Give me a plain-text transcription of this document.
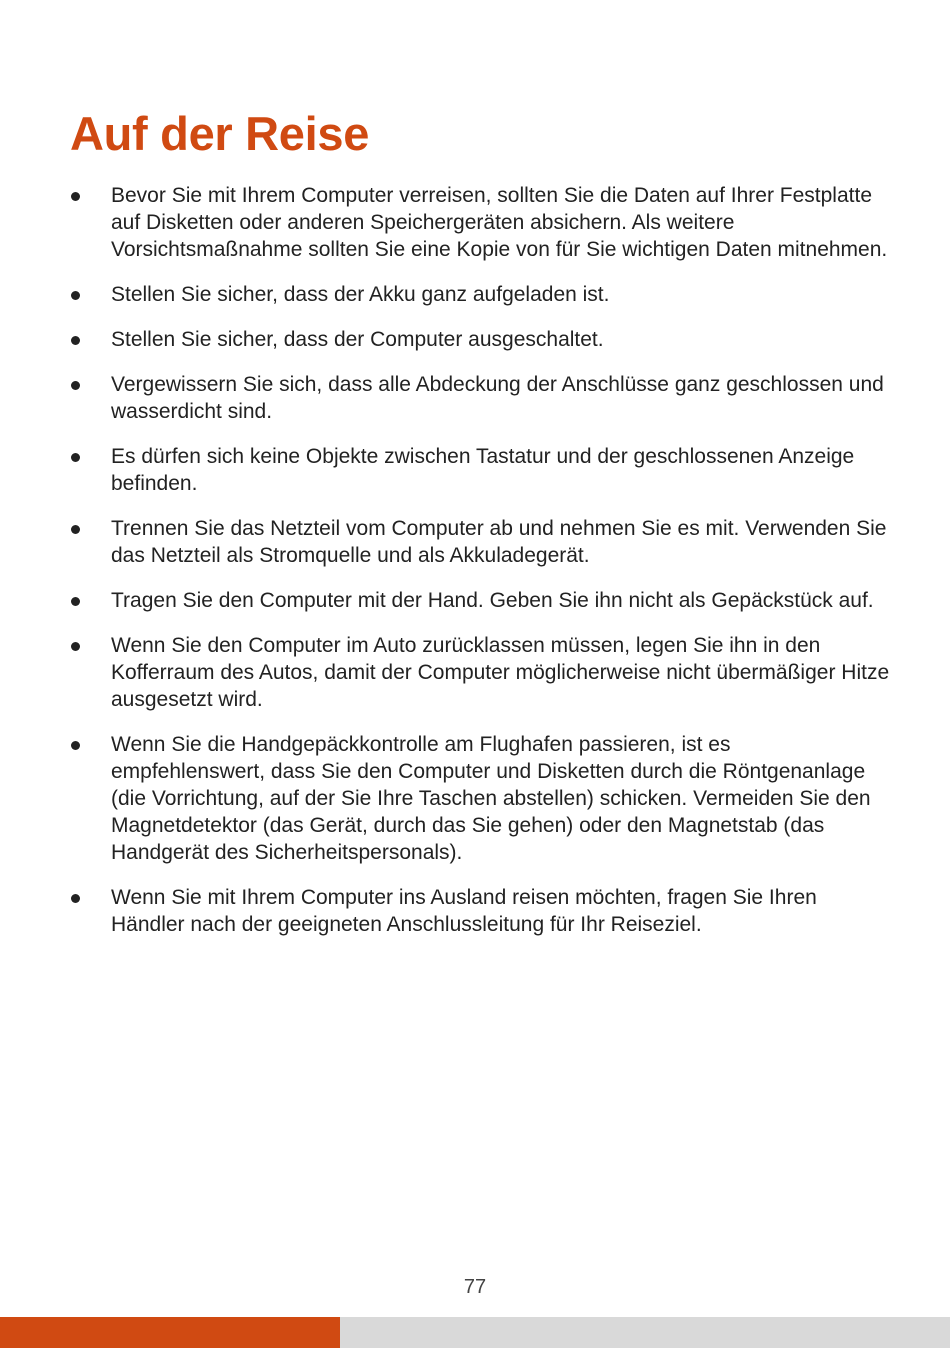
Auf der Reise
Bevor Sie mit Ihrem Computer verreisen, sollten Sie die Daten auf Ihrer Festplatte auf Disketten oder anderen Speichergeräten absichern. Als weitere Vorsichtsmaßnahme sollten Sie eine Kopie von für Sie wichtigen Daten mitnehmen.
Stellen Sie sicher, dass der Akku ganz aufgeladen ist.
Stellen Sie sicher, dass der Computer ausgeschaltet.
Vergewissern Sie sich, dass alle Abdeckung der Anschlüsse ganz geschlossen und wasserdicht sind.
Es dürfen sich keine Objekte zwischen Tastatur und der geschlossenen Anzeige befinden.
Trennen Sie das Netzteil vom Computer ab und nehmen Sie es mit. Verwenden Sie das Netzteil als Stromquelle und als Akkuladegerät.
Tragen Sie den Computer mit der Hand. Geben Sie ihn nicht als Gepäckstück auf.
Wenn Sie den Computer im Auto zurücklassen müssen, legen Sie ihn in den Kofferraum des Autos, damit der Computer möglicherweise nicht übermäßiger Hitze ausgesetzt wird.
Wenn Sie die Handgepäckkontrolle am Flughafen passieren, ist es empfehlenswert, dass Sie den Computer und Disketten durch die Röntgenanlage (die Vorrichtung, auf der Sie Ihre Taschen abstellen) schicken. Vermeiden Sie den Magnetdetektor (das Gerät, durch das Sie gehen) oder den Magnetstab (das Handgerät des Sicherheitspersonals).
Wenn Sie mit Ihrem Computer ins Ausland reisen möchten, fragen Sie Ihren Händler nach der geeigneten Anschlussleitung für Ihr Reiseziel.
77
